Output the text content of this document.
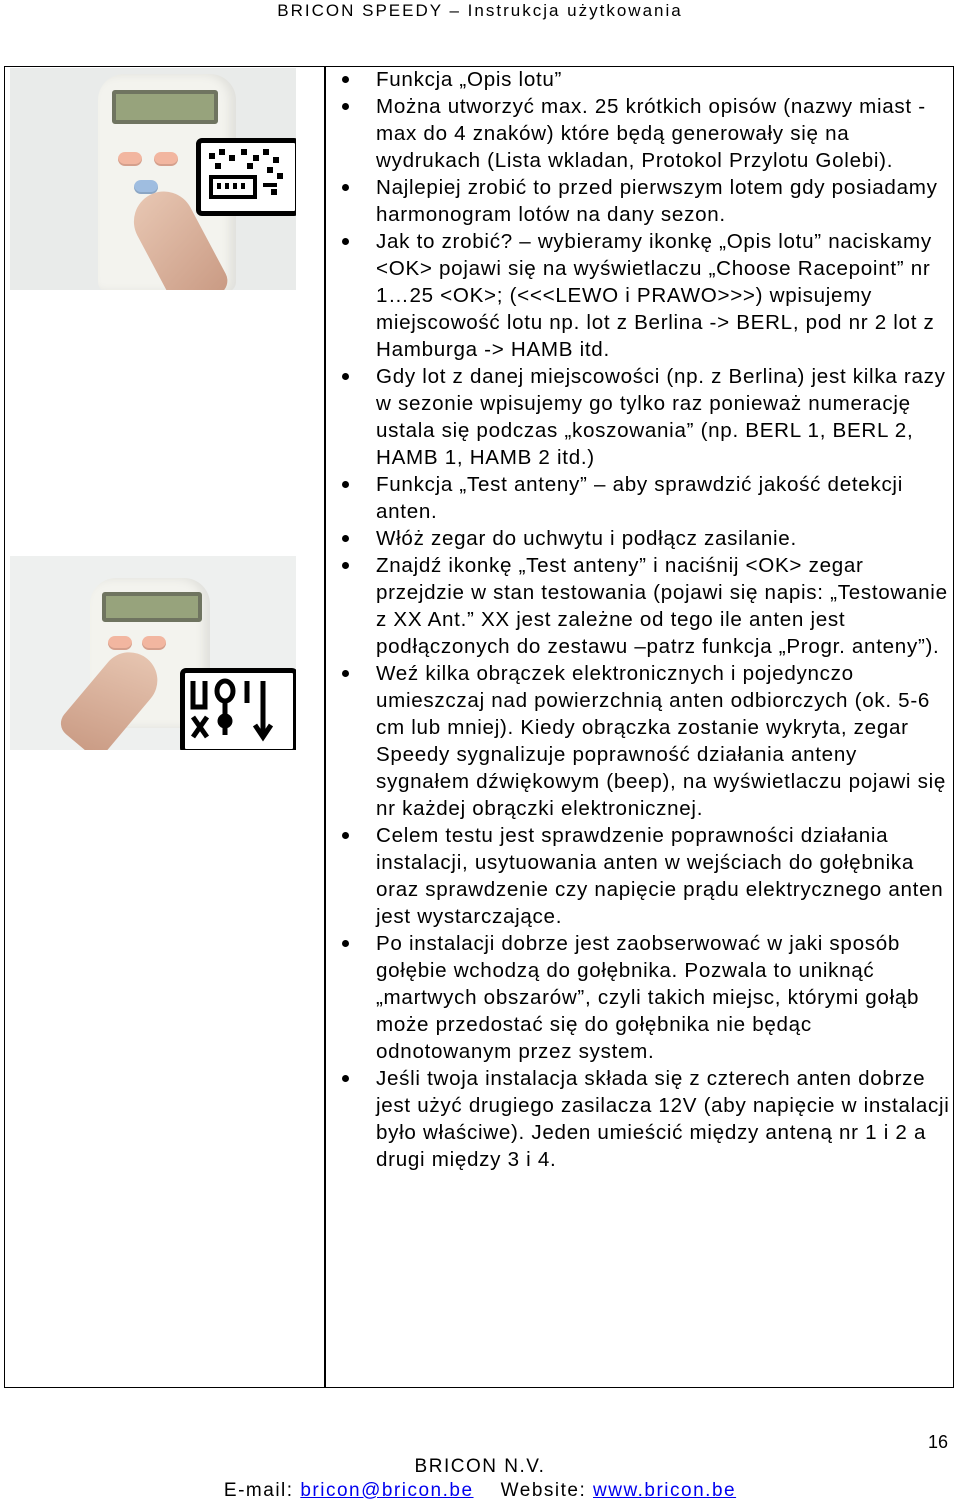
BRICON SPEEDY – Instrukcja użytkowania
Funkcja „Opis lotu”
Można utworzyć max. 25 krótkich opisów (nazwy miast -max do 4 znaków) które będą generowały się na wydrukach (Lista wkladan, Protokol Przylotu Golebi).
Najlepiej zrobić to przed pierwszym lotem gdy posiadamy harmonogram lotów na dany sezon.
Jak to zrobić? – wybieramy ikonkę „Opis lotu” naciskamy <OK> pojawi się na wyświetlaczu „Choose Racepoint” nr 1…25 <OK>; (<<<LEWO i PRAWO>>>) wpisujemy miejscowość lotu np. lot z Berlina -> BERL, pod nr 2 lot z Hamburga -> HAMB itd.
Gdy lot z danej miejscowości (np. z Berlina) jest kilka razy w sezonie wpisujemy go tylko raz ponieważ numerację ustala się podczas „koszowania” (np. BERL 1, BERL 2, HAMB 1, HAMB 2 itd.)
Funkcja „Test anteny” – aby sprawdzić jakość detekcji anten.
Włóż zegar do uchwytu i podłącz zasilanie.
Znajdź ikonkę „Test anteny” i naciśnij <OK> zegar przejdzie w stan testowania (pojawi się napis: „Testowanie z XX Ant.” XX jest zależne od tego ile anten jest podłączonych do zestawu –patrz funkcja „Progr. anteny”).
Weź kilka obrączek elektronicznych i pojedynczo umieszczaj nad powierzchnią anten odbiorczych (ok. 5-6 cm lub mniej). Kiedy obrączka zostanie wykryta, zegar Speedy sygnalizuje poprawność działania anteny sygnałem dźwiękowym (beep), na wyświetlaczu pojawi się nr każdej obrączki elektronicznej.
Celem testu jest sprawdzenie poprawności działania instalacji, usytuowania anten w wejściach do gołębnika oraz sprawdzenie czy napięcie prądu elektrycznego anten jest wystarczające.
Po instalacji dobrze jest zaobserwować w jaki sposób gołębie wchodzą do gołębnika. Pozwala to uniknąć „martwych obszarów”, czyli takich miejsc, którymi gołąb może przedostać się do gołębnika nie będąc odnotowanym przez system.
Jeśli twoja instalacja składa się z czterech anten dobrze jest użyć drugiego zasilacza 12V (aby napięcie w instalacji było właściwe). Jeden umieścić między anteną nr 1 i 2 a drugi między 3 i 4.
16
BRICON N.V.
E-mail: bricon@bricon.be Website: www.bricon.be
